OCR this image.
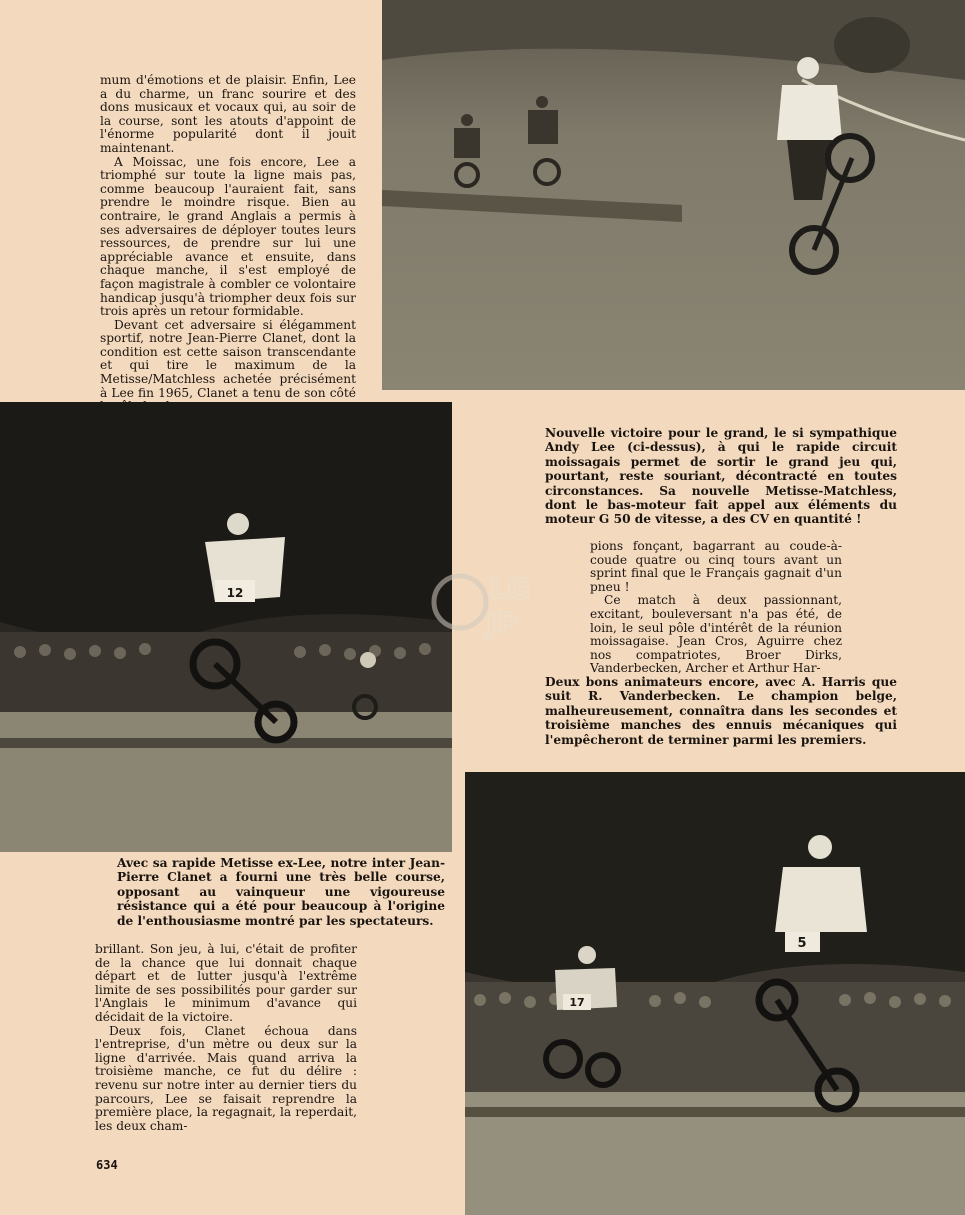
mum d'émotions et de plaisir. Enfin, Lee a du charme, un franc sourire et des dons musicaux et vocaux qui, au soir de la course, sont les atouts d'appoint de l'énorme popularité dont il jouit maintenant.

A Moissac, une fois encore, Lee a triomphé sur toute la ligne mais pas, comme beaucoup l'auraient fait, sans prendre le moindre risque. Bien au contraire, le grand Anglais a permis à ses adversaires de déployer toutes leurs ressources, de prendre sur lui une appréciable avance et ensuite, dans chaque manche, il s'est employé de façon magistrale à combler ce volontaire handicap jusqu'à triompher deux fois sur trois après un retour formidable.

Devant cet adversaire si élégamment sportif, notre Jean-Pierre Clanet, dont la condition est cette saison transcendante et qui tire le maximum de la Metisse/Matchless achetée précisément à Lee fin 1965, Clanet a tenu de son côté

12
Nouvelle victoire pour le grand, le si sympathique Andy Lee (ci-dessus), à qui le rapide circuit moissagais permet de sortir le grand jeu qui, pourtant, reste souriant, décontracté en toutes circonstances. Sa nouvelle Metisse-Matchless, dont le bas-moteur fait appel aux éléments du moteur G 50 de vitesse, a des CV en quantité !

pions fonçant, bagarrant au coude-à-coude quatre ou cinq tours avant un sprint final que le Français gagnait d'un pneu !

Ce match à deux passionnant, excitant, bouleversant n'a pas été, de loin, le seul pôle d'intérêt de la réunion moissagaise. Jean Cros, Aguirre chez nos compatriotes, Broer Dirks, Vanderbecken, Archer et Arthur Har-

Deux bons animateurs encore, avec A. Harris que suit R. Vanderbecken. Le champion belge, malheureusement, connaîtra dans les secondes et troisième manches des ennuis mécaniques qui l'empêcheront de terminer parmi les premiers.
Avec sa rapide Metisse ex-Lee, notre inter Jean-Pierre Clanet a fourni une très belle course, opposant au vainqueur une vigoureuse résistance qui a été pour beaucoup à l'origine de l'enthousiasme montré par les spectateurs.

brillant. Son jeu, à lui, c'était de profiter de la chance que lui donnait chaque départ et de lutter jusqu'à l'extrême limite de ses possibilités pour garder sur l'Anglais le minimum d'avance qui décidait de la victoire.

Deux fois, Clanet échoua dans l'entreprise, d'un mètre ou deux sur la ligne d'arrivée. Mais quand arriva la troisième manche, ce fut du délire : revenu sur notre inter au dernier tiers du parcours, Lee se faisait reprendre la première place, la regagnait, la reperdait, les deux cham-

5
17
LG
JP
634
